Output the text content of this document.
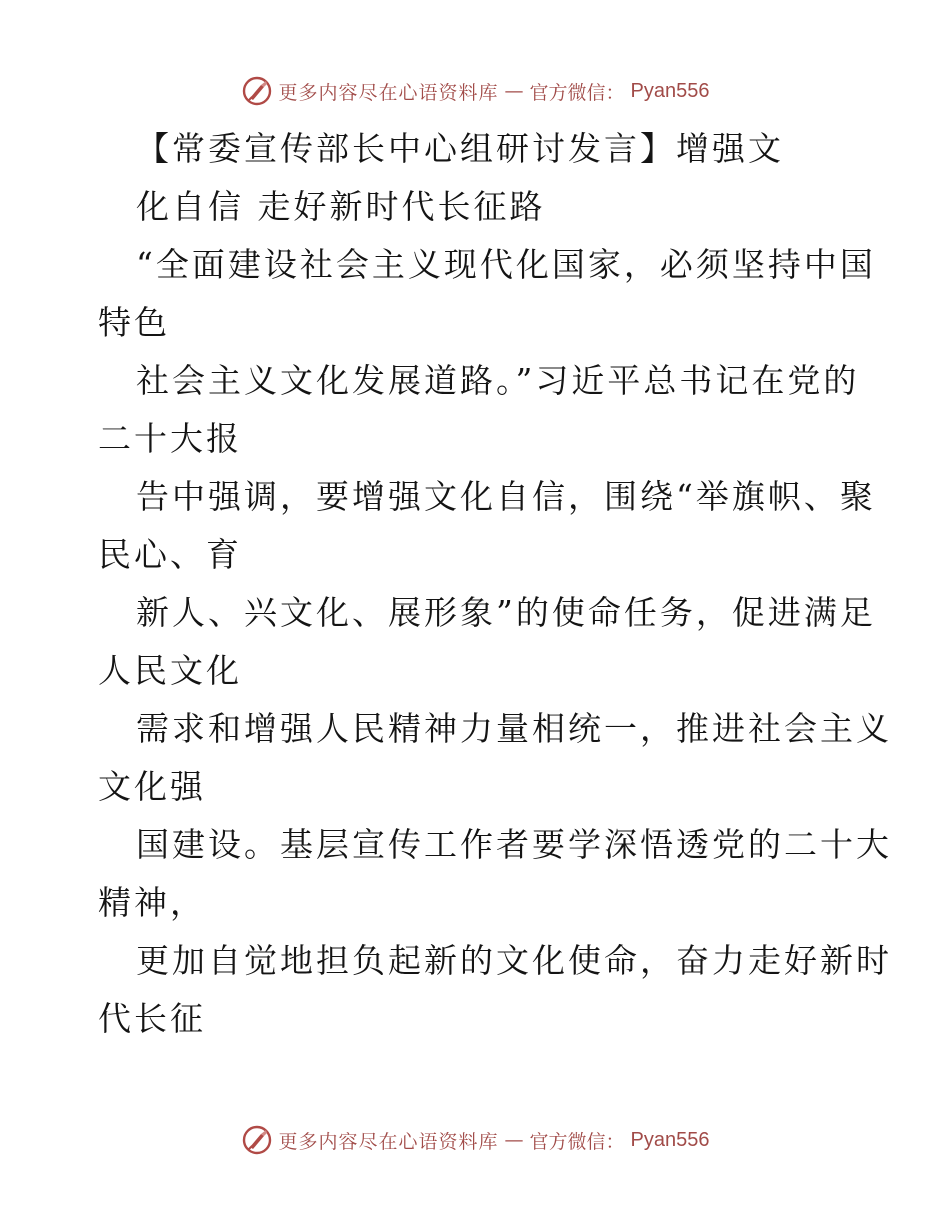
更多内容尽在心语资料库 — 官方微信： Pyan556
【常委宣传部长中心组研讨发言】增强文
化自信 走好新时代长征路
“全面建设社会主义现代化国家，必须坚持中国
特色
社会主义文化发展道路。”习近平总书记在党的
二十大报
告中强调，要增强文化自信，围绕“举旗帜、聚
民心、育
新人、兴文化、展形象”的使命任务，促进满足
人民文化
需求和增强人民精神力量相统一，推进社会主义
文化强
国建设。基层宣传工作者要学深悟透党的二十大
精神，
更加自觉地担负起新的文化使命，奋力走好新时
代长征
更多内容尽在心语资料库 — 官方微信： Pyan556
